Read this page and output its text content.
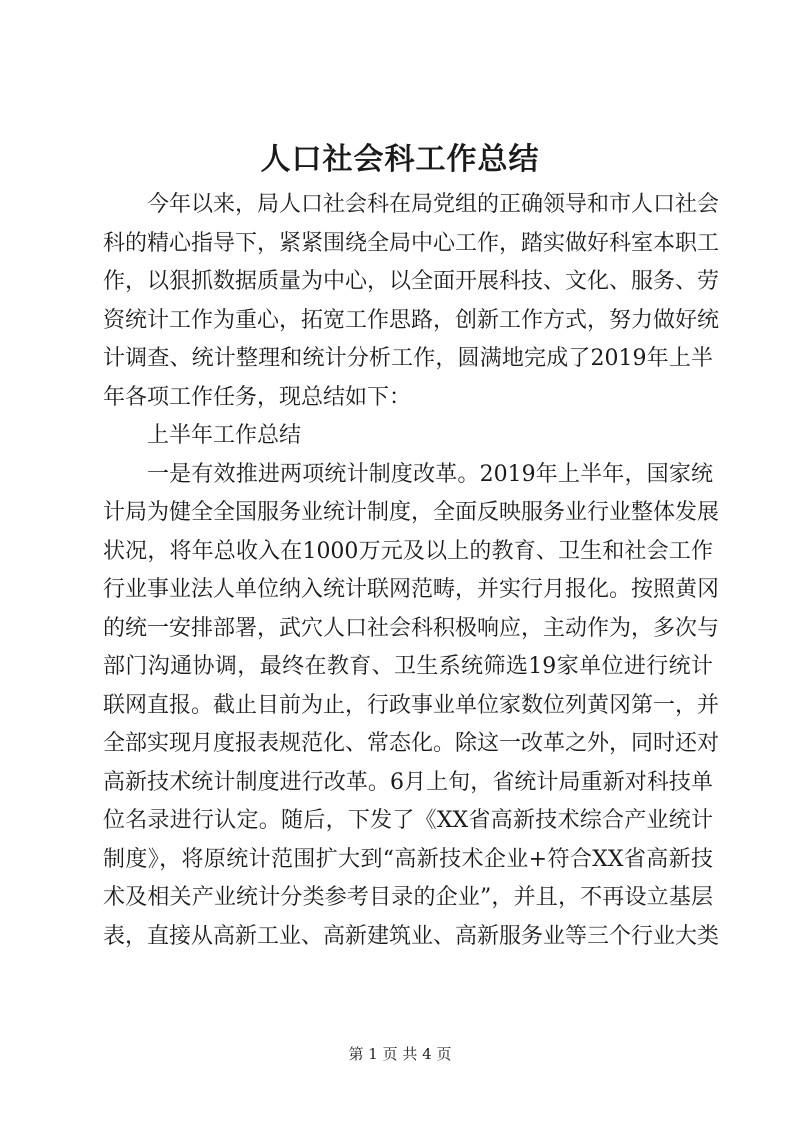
人口社会科工作总结
今年以来，局人口社会科在局党组的正确领导和市人口社会
科的精心指导下，紧紧围绕全局中心工作，踏实做好科室本职工
作，以狠抓数据质量为中心，以全面开展科技、文化、服务、劳
资统计工作为重心，拓宽工作思路，创新工作方式，努力做好统
计调查、统计整理和统计分析工作，圆满地完成了2019年上半
年各项工作任务，现总结如下：
上半年工作总结
一是有效推进两项统计制度改革。2019年上半年，国家统
计局为健全全国服务业统计制度，全面反映服务业行业整体发展
状况，将年总收入在1000万元及以上的教育、卫生和社会工作
行业事业法人单位纳入统计联网范畴，并实行月报化。按照黄冈
的统一安排部署，武穴人口社会科积极响应，主动作为，多次与
部门沟通协调，最终在教育、卫生系统筛选19家单位进行统计
联网直报。截止目前为止，行政事业单位家数位列黄冈第一，并
全部实现月度报表规范化、常态化。除这一改革之外，同时还对
高新技术统计制度进行改革。6月上旬，省统计局重新对科技单
位名录进行认定。随后，下发了《XX省高新技术综合产业统计
制度》，将原统计范围扩大到“高新技术企业+符合XX省高新技
术及相关产业统计分类参考目录的企业”，并且，不再设立基层
表，直接从高新工业、高新建筑业、高新服务业等三个行业大类
第 1 页 共 4 页
